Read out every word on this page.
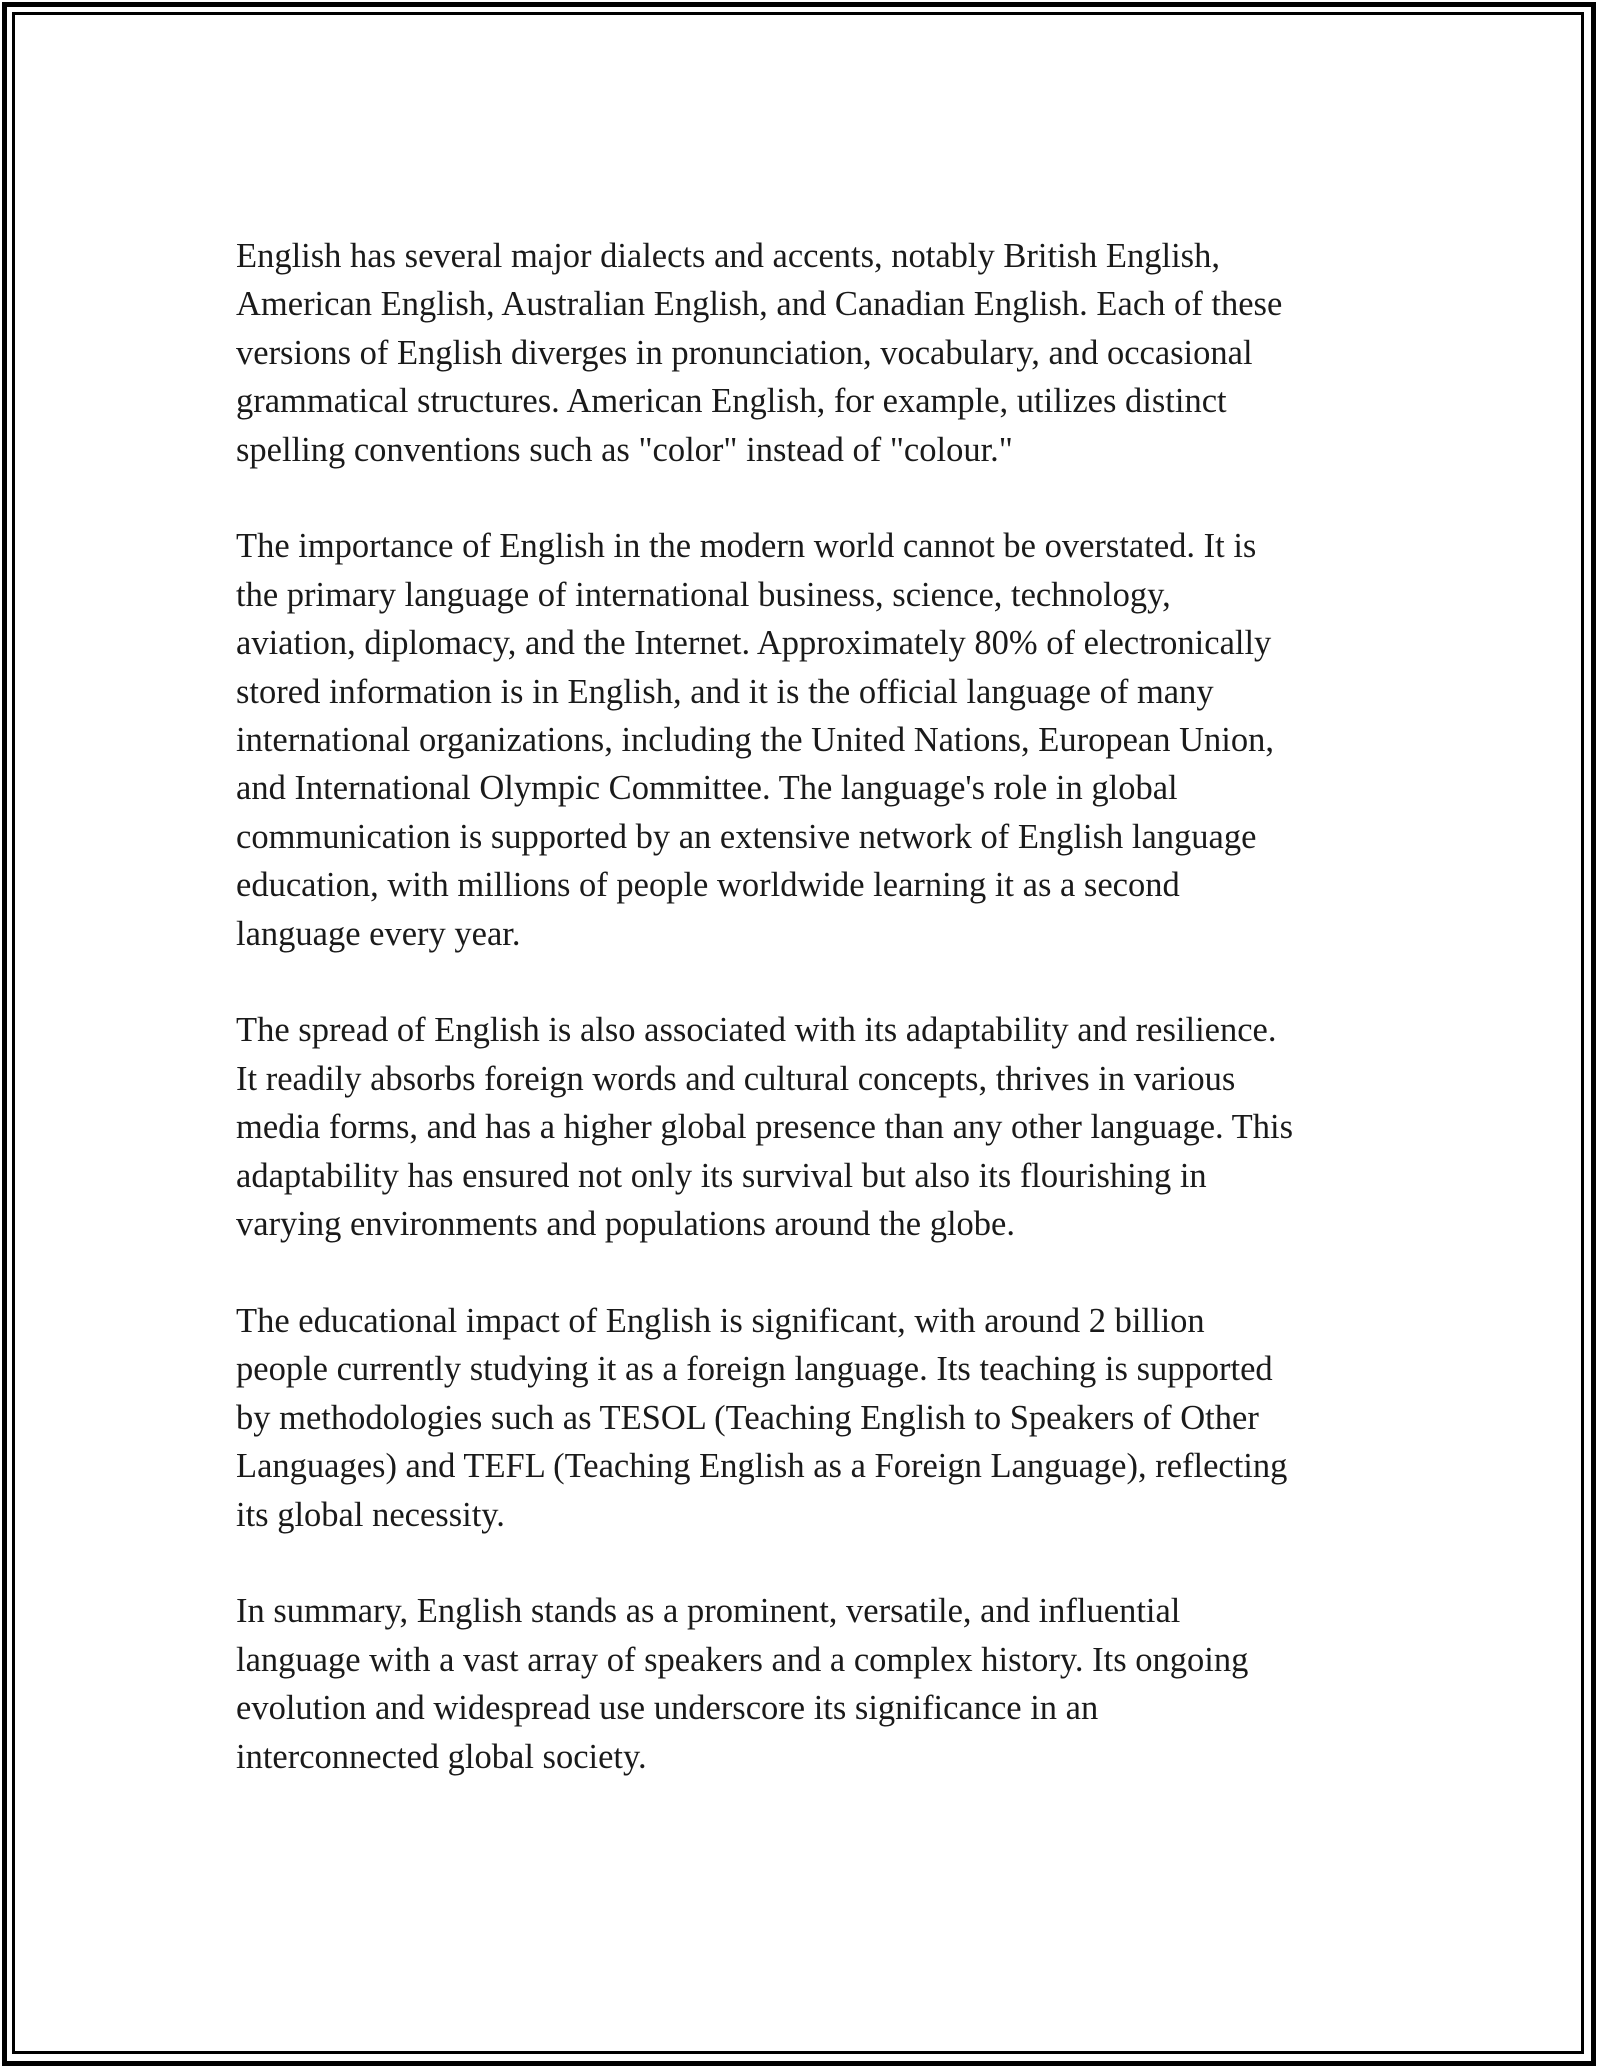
English has several major dialects and accents, notably British English,
American English, Australian English, and Canadian English. Each of these
versions of English diverges in pronunciation, vocabulary, and occasional
grammatical structures. American English, for example, utilizes distinct
spelling conventions such as "color" instead of "colour."

The importance of English in the modern world cannot be overstated. It is
the primary language of international business, science, technology,
aviation, diplomacy, and the Internet. Approximately 80% of electronically
stored information is in English, and it is the official language of many
international organizations, including the United Nations, European Union,
and International Olympic Committee. The language's role in global
communication is supported by an extensive network of English language
education, with millions of people worldwide learning it as a second
language every year.

The spread of English is also associated with its adaptability and resilience.
It readily absorbs foreign words and cultural concepts, thrives in various
media forms, and has a higher global presence than any other language. This
adaptability has ensured not only its survival but also its flourishing in
varying environments and populations around the globe.

The educational impact of English is significant, with around 2 billion
people currently studying it as a foreign language. Its teaching is supported
by methodologies such as TESOL (Teaching English to Speakers of Other
Languages) and TEFL (Teaching English as a Foreign Language), reflecting
its global necessity.

In summary, English stands as a prominent, versatile, and influential
language with a vast array of speakers and a complex history. Its ongoing
evolution and widespread use underscore its significance in an
interconnected global society.
